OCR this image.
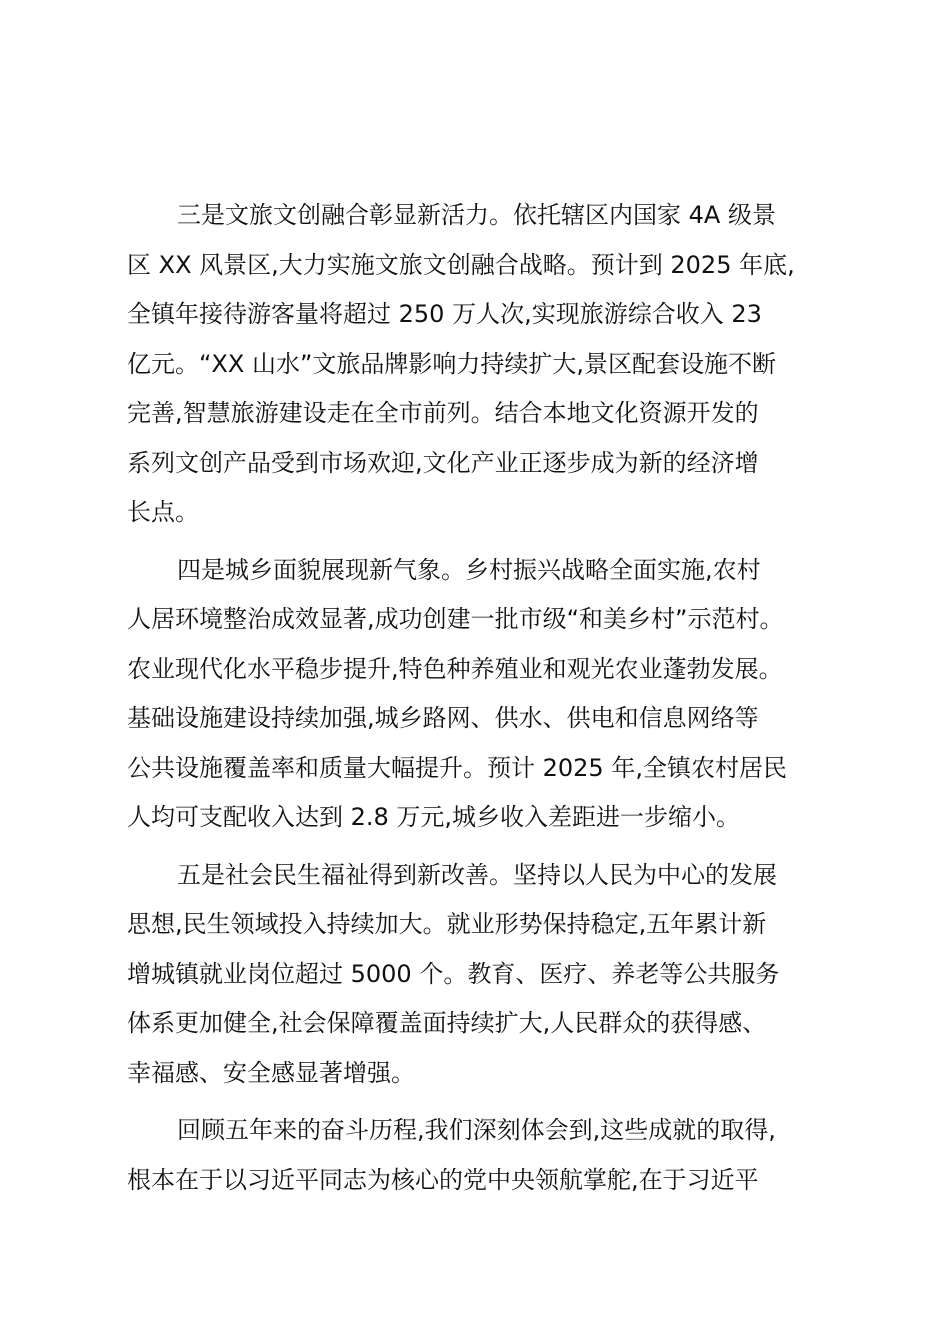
三是文旅文创融合彰显新活力。依托辖区内国家 4A 级景
区 XX 风景区,大力实施文旅文创融合战略。预计到 2025 年底,
全镇年接待游客量将超过 250 万人次,实现旅游综合收入 23
亿元。“XX 山水”文旅品牌影响力持续扩大,景区配套设施不断
完善,智慧旅游建设走在全市前列。结合本地文化资源开发的
系列文创产品受到市场欢迎,文化产业正逐步成为新的经济增
长点。
四是城乡面貌展现新气象。乡村振兴战略全面实施,农村
人居环境整治成效显著,成功创建一批市级“和美乡村”示范村。
农业现代化水平稳步提升,特色种养殖业和观光农业蓬勃发展。
基础设施建设持续加强,城乡路网、供水、供电和信息网络等
公共设施覆盖率和质量大幅提升。预计 2025 年,全镇农村居民
人均可支配收入达到 2.8 万元,城乡收入差距进一步缩小。
五是社会民生福祉得到新改善。坚持以人民为中心的发展
思想,民生领域投入持续加大。就业形势保持稳定,五年累计新
增城镇就业岗位超过 5000 个。教育、医疗、养老等公共服务
体系更加健全,社会保障覆盖面持续扩大,人民群众的获得感、
幸福感、安全感显著增强。
回顾五年来的奋斗历程,我们深刻体会到,这些成就的取得,
根本在于以习近平同志为核心的党中央领航掌舵,在于习近平
